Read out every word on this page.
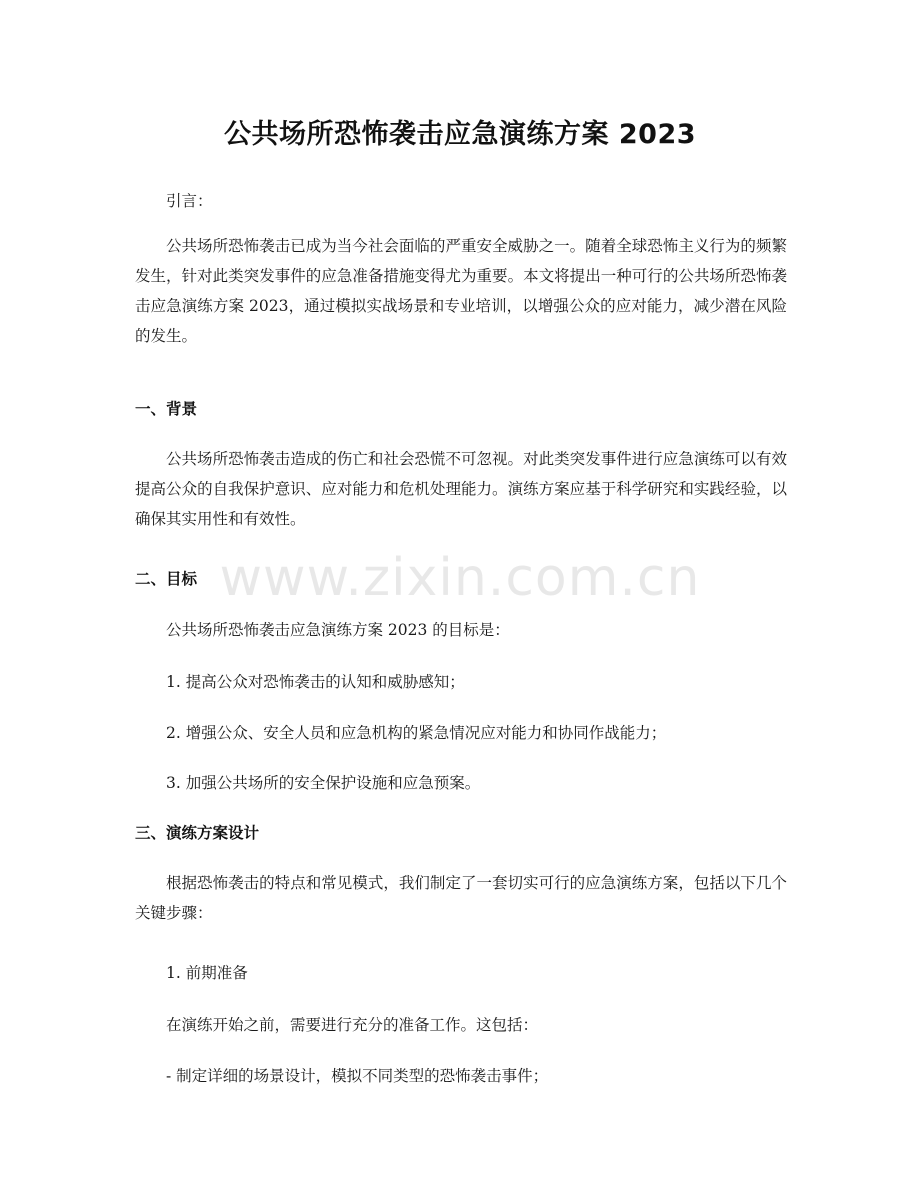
公共场所恐怖袭击应急演练方案 2023
引言：
公共场所恐怖袭击已成为当今社会面临的严重安全威胁之一。随着全球恐怖主义行为的频繁发生，针对此类突发事件的应急准备措施变得尤为重要。本文将提出一种可行的公共场所恐怖袭击应急演练方案 2023，通过模拟实战场景和专业培训，以增强公众的应对能力，减少潜在风险的发生。
一、背景
公共场所恐怖袭击造成的伤亡和社会恐慌不可忽视。对此类突发事件进行应急演练可以有效提高公众的自我保护意识、应对能力和危机处理能力。演练方案应基于科学研究和实践经验，以确保其实用性和有效性。
二、目标
公共场所恐怖袭击应急演练方案 2023 的目标是：
1. 提高公众对恐怖袭击的认知和威胁感知；
2. 增强公众、安全人员和应急机构的紧急情况应对能力和协同作战能力；
3. 加强公共场所的安全保护设施和应急预案。
三、演练方案设计
根据恐怖袭击的特点和常见模式，我们制定了一套切实可行的应急演练方案，包括以下几个关键步骤：
1. 前期准备
在演练开始之前，需要进行充分的准备工作。这包括：
- 制定详细的场景设计，模拟不同类型的恐怖袭击事件；
www.zixin.com.cn
